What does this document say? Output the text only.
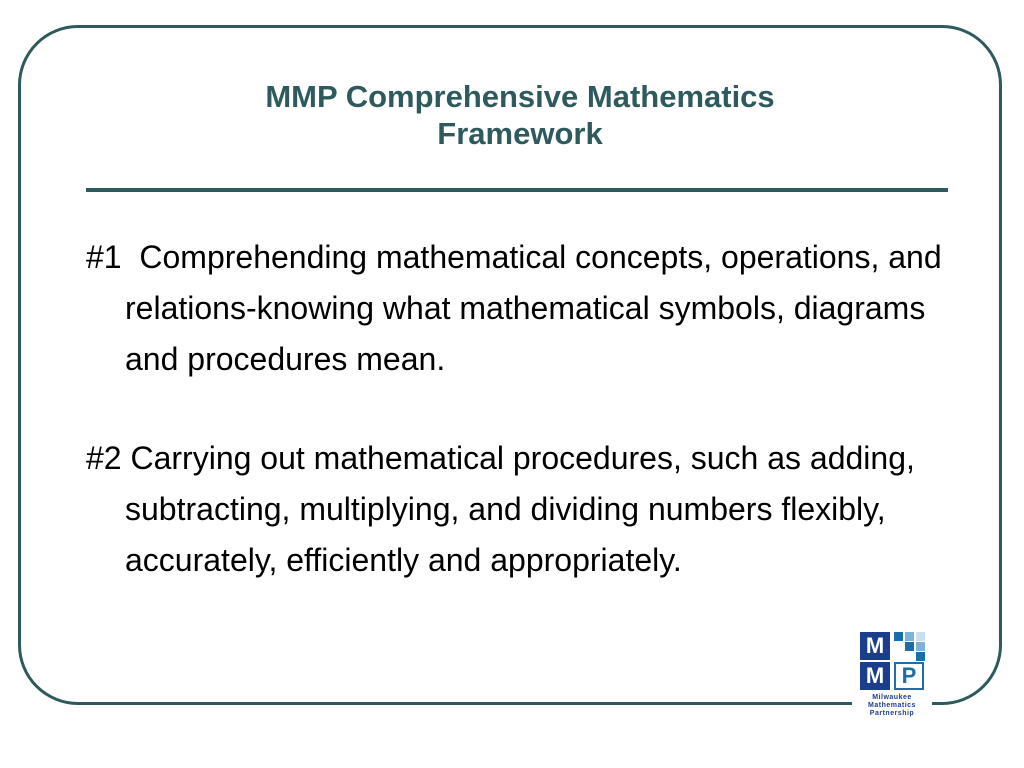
MMP Comprehensive Mathematics
Framework
#1  Comprehending mathematical concepts, operations, and relations-knowing what mathematical symbols, diagrams and procedures mean.
#2 Carrying out mathematical procedures, such as adding, subtracting, multiplying, and dividing numbers flexibly, accurately, efficiently and appropriately.
M
M P
Milwaukee
Mathematics
Partnership
